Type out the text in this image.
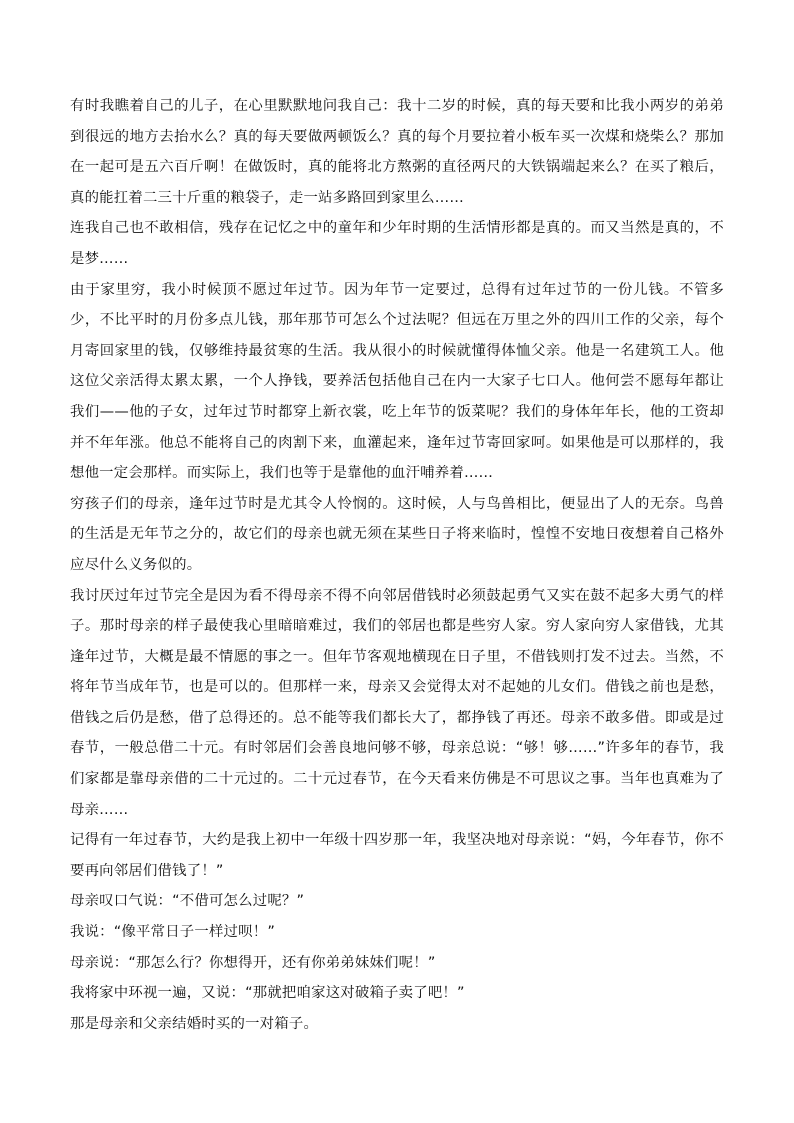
有时我瞧着自己的儿子，在心里默默地问我自己：我十二岁的时候，真的每天要和比我小两岁的弟弟到很远的地方去抬水么？真的每天要做两顿饭么？真的每个月要拉着小板车买一次煤和烧柴么？那加在一起可是五六百斤啊！在做饭时，真的能将北方熬粥的直径两尺的大铁锅端起来么？在买了粮后，真的能扛着二三十斤重的粮袋子，走一站多路回到家里么……

连我自己也不敢相信，残存在记忆之中的童年和少年时期的生活情形都是真的。而又当然是真的，不是梦……

由于家里穷，我小时候顶不愿过年过节。因为年节一定要过，总得有过年过节的一份儿钱。不管多少，不比平时的月份多点儿钱，那年那节可怎么个过法呢？但远在万里之外的四川工作的父亲，每个月寄回家里的钱，仅够维持最贫寒的生活。我从很小的时候就懂得体恤父亲。他是一名建筑工人。他这位父亲活得太累太累，一个人挣钱，要养活包括他自己在内一大家子七口人。他何尝不愿每年都让我们——他的子女，过年过节时都穿上新衣裳，吃上年节的饭菜呢？我们的身体年年长，他的工资却并不年年涨。他总不能将自己的肉割下来，血灌起来，逢年过节寄回家呵。如果他是可以那样的，我想他一定会那样。而实际上，我们也等于是靠他的血汗哺养着……

穷孩子们的母亲，逢年过节时是尤其令人怜悯的。这时候，人与鸟兽相比，便显出了人的无奈。鸟兽的生活是无年节之分的，故它们的母亲也就无须在某些日子将来临时，惶惶不安地日夜想着自己格外应尽什么义务似的。

我讨厌过年过节完全是因为看不得母亲不得不向邻居借钱时必须鼓起勇气又实在鼓不起多大勇气的样子。那时母亲的样子最使我心里暗暗难过，我们的邻居也都是些穷人家。穷人家向穷人家借钱，尤其逢年过节，大概是最不情愿的事之一。但年节客观地横现在日子里，不借钱则打发不过去。当然，不将年节当成年节，也是可以的。但那样一来，母亲又会觉得太对不起她的儿女们。借钱之前也是愁，借钱之后仍是愁，借了总得还的。总不能等我们都长大了，都挣钱了再还。母亲不敢多借。即或是过春节，一般总借二十元。有时邻居们会善良地问够不够，母亲总说：“够！够……”许多年的春节，我们家都是靠母亲借的二十元过的。二十元过春节，在今天看来仿佛是不可思议之事。当年也真难为了母亲……

记得有一年过春节，大约是我上初中一年级十四岁那一年，我坚决地对母亲说：“妈，今年春节，你不要再向邻居们借钱了！”

母亲叹口气说：“不借可怎么过呢？”

我说：“像平常日子一样过呗！”

母亲说：“那怎么行？你想得开，还有你弟弟妹妹们呢！”

我将家中环视一遍，又说：“那就把咱家这对破箱子卖了吧！”

那是母亲和父亲结婚时买的一对箱子。
